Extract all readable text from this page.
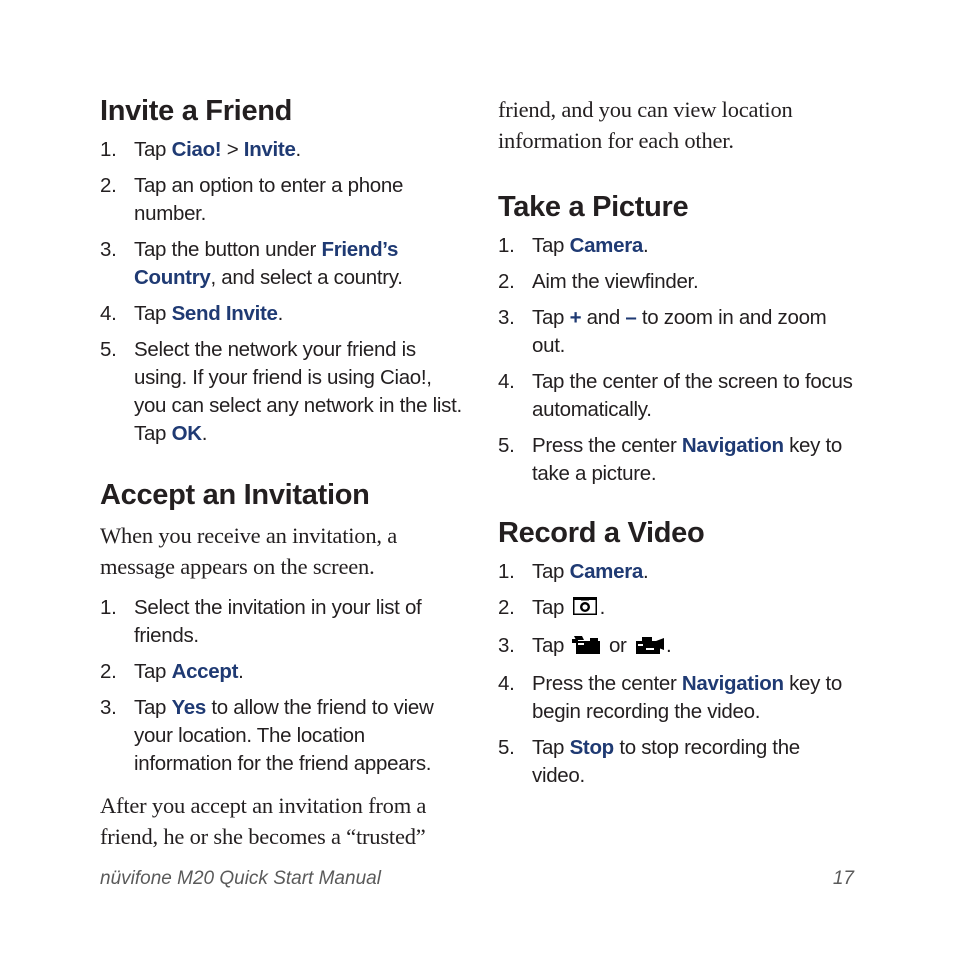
Invite a Friend
1. Tap Ciao! > Invite.
2. Tap an option to enter a phone number.
3. Tap the button under Friend’s Country, and select a country.
4. Tap Send Invite.
5. Select the network your friend is using. If your friend is using Ciao!, you can select any network in the list. Tap OK.
Accept an Invitation

When you receive an invitation, a message appears on the screen.

1. Select the invitation in your list of friends.
2. Tap Accept.
3. Tap Yes to allow the friend to view your location. The location information for the friend appears.

After you accept an invitation from a friend, he or she becomes a “trusted”

friend, and you can view location information for each other.

Take a Picture
1. Tap Camera.
2. Aim the viewfinder.
3. Tap + and – to zoom in and zoom out.
4. Tap the center of the screen to focus automatically.
5. Press the center Navigation key to take a picture.
Record a Video
1. Tap Camera.
2. Tap .
3. Tap  or .
4. Press the center Navigation key to begin recording the video.
5. Tap Stop to stop recording the video.
nüvifone M20 Quick Start Manual	17
